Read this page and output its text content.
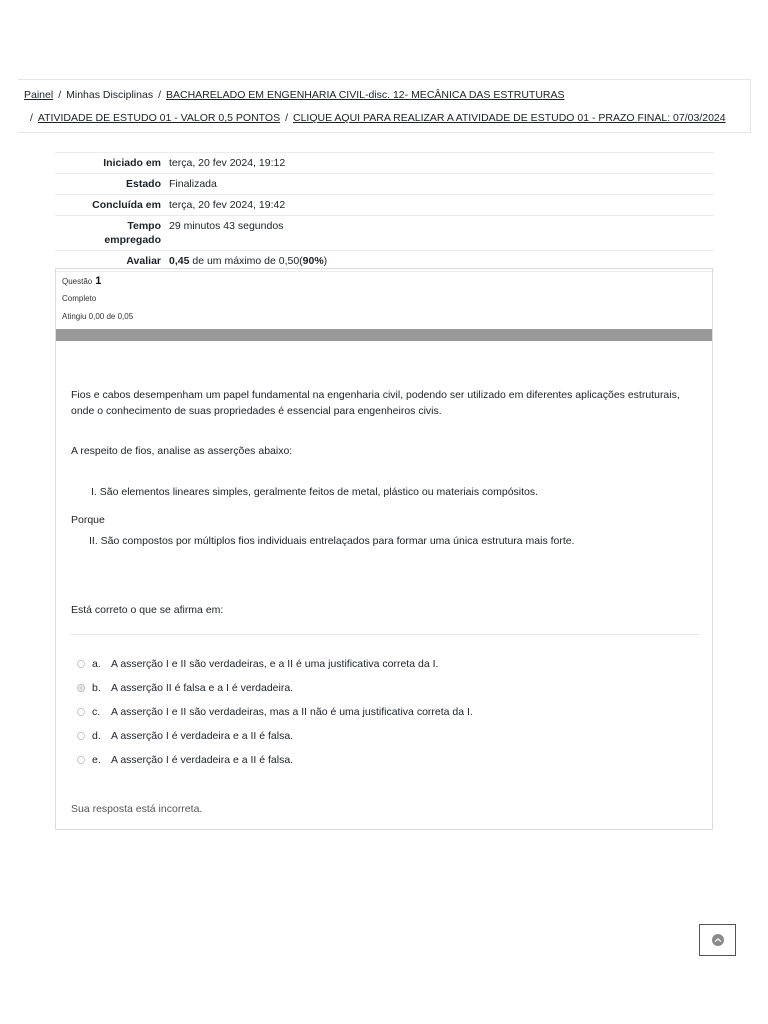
Painel / Minhas Disciplinas / BACHARELADO EM ENGENHARIA CIVIL-disc. 12- MECÂNICA DAS ESTRUTURAS
/ ATIVIDADE DE ESTUDO 01 - VALOR 0,5 PONTOS / CLIQUE AQUI PARA REALIZAR A ATIVIDADE DE ESTUDO 01 - PRAZO FINAL: 07/03/2024
Iniciado em terça, 20 fev 2024, 19:12
Estado Finalizada
Concluída em terça, 20 fev 2024, 19:42
Tempo empregado
29 minutos 43 segundos
Avaliar 0,45 de um máximo de 0,50(90%)
Questão 1
Completo
Atingiu 0,00 de 0,05

Fios e cabos desempenham um papel fundamental na engenharia civil, podendo ser utilizado em diferentes aplicações estruturais, onde o conhecimento de suas propriedades é essencial para engenheiros civis.

A respeito de fios, analise as asserções abaixo:

I. São elementos lineares simples, geralmente feitos de metal, plástico ou materiais compósitos.

Porque

II. São compostos por múltiplos fios individuais entrelaçados para formar uma única estrutura mais forte.

Está correto o que se afirma em:

a. A asserção I e II são verdadeiras, e a II é uma justificativa correta da I.
b. A asserção II é falsa e a I é verdadeira.
c.	A asserção I e II são verdadeiras, mas a II não é uma justificativa correta da I.
d. A asserção I é verdadeira e a II é falsa.
e. A asserção I é verdadeira e a II é falsa.
Sua resposta está incorreta.
